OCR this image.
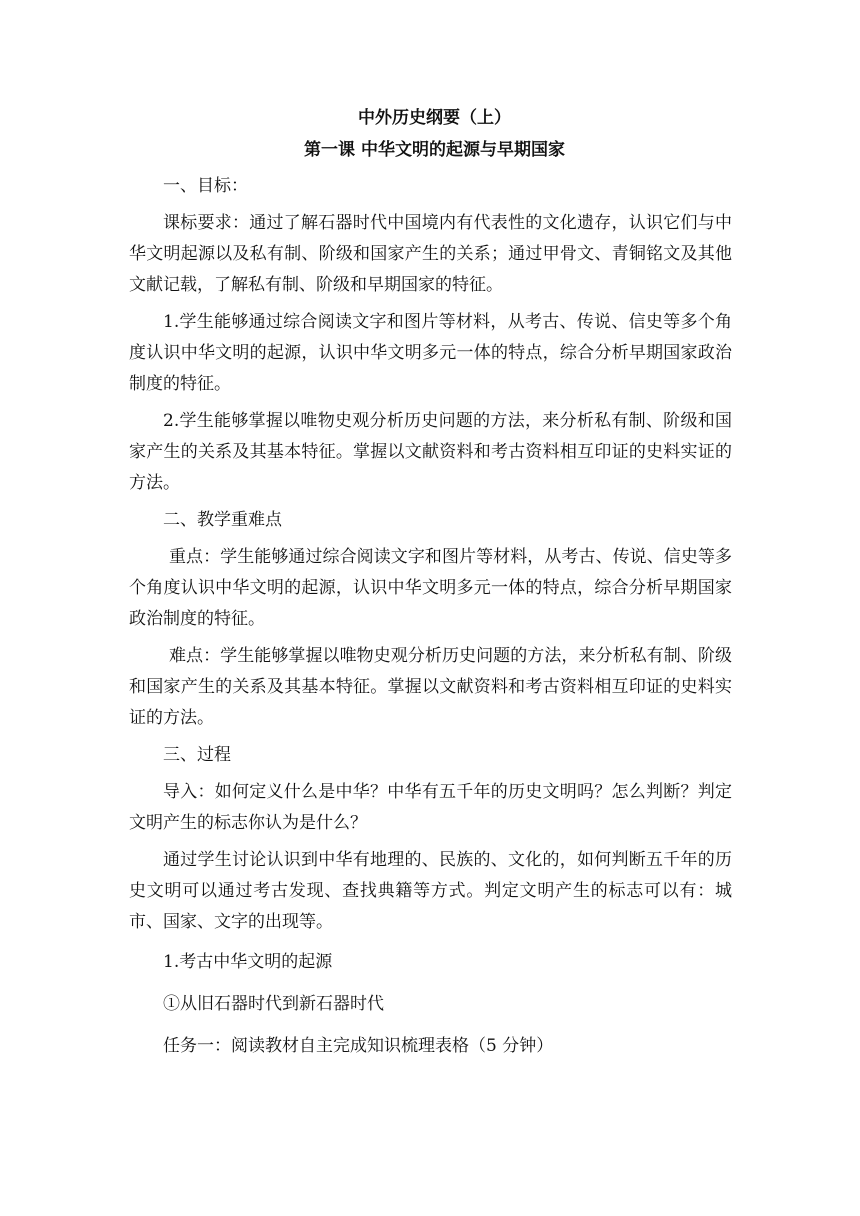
中外历史纲要（上）
第一课 中华文明的起源与早期国家

一、目标：

课标要求：通过了解石器时代中国境内有代表性的文化遗存，认识它们与中华文明起源以及私有制、阶级和国家产生的关系；通过甲骨文、青铜铭文及其他文献记载，了解私有制、阶级和早期国家的特征。

1.学生能够通过综合阅读文字和图片等材料，从考古、传说、信史等多个角度认识中华文明的起源，认识中华文明多元一体的特点，综合分析早期国家政治制度的特征。

2.学生能够掌握以唯物史观分析历史问题的方法，来分析私有制、阶级和国家产生的关系及其基本特征。掌握以文献资料和考古资料相互印证的史料实证的方法。

二、教学重难点

重点：学生能够通过综合阅读文字和图片等材料，从考古、传说、信史等多个角度认识中华文明的起源，认识中华文明多元一体的特点，综合分析早期国家政治制度的特征。

难点：学生能够掌握以唯物史观分析历史问题的方法，来分析私有制、阶级和国家产生的关系及其基本特征。掌握以文献资料和考古资料相互印证的史料实证的方法。

三、过程

导入：如何定义什么是中华？中华有五千年的历史文明吗？怎么判断？判定文明产生的标志你认为是什么？

通过学生讨论认识到中华有地理的、民族的、文化的，如何判断五千年的历史文明可以通过考古发现、查找典籍等方式。判定文明产生的标志可以有：城市、国家、文字的出现等。

1.考古中华文明的起源

①从旧石器时代到新石器时代

任务一：阅读教材自主完成知识梳理表格（5 分钟）
